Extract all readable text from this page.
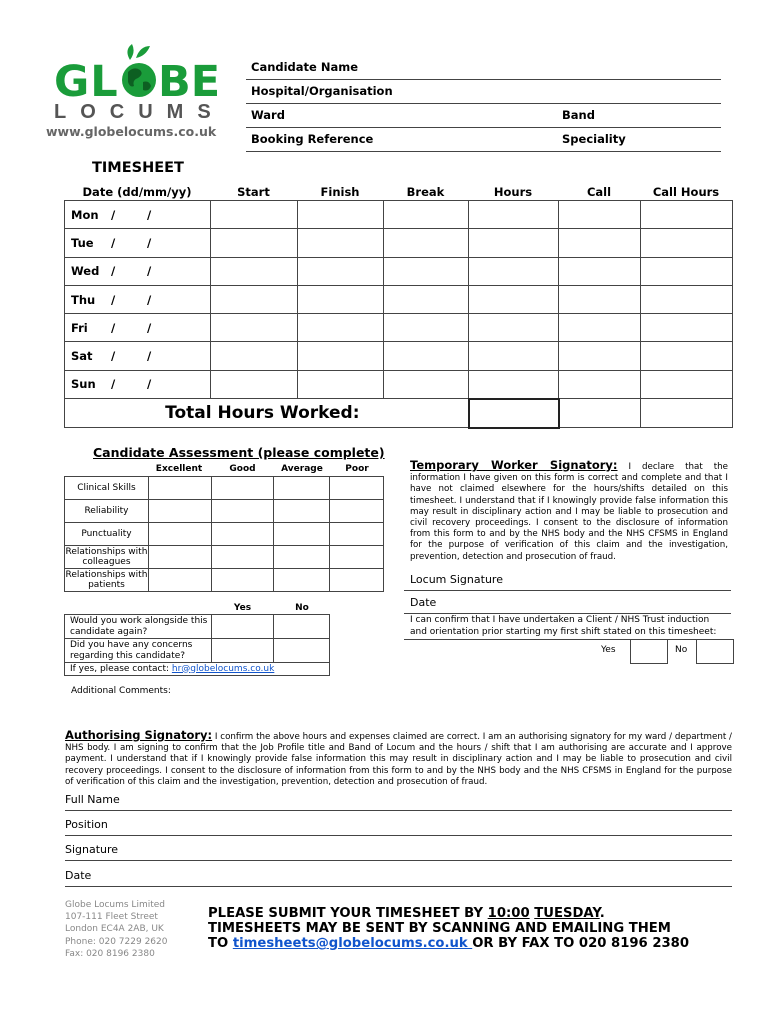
GL BE
LOCUMS
www.globelocums.co.uk
Candidate Name
Hospital/Organisation
Ward	Band
Booking Reference	Speciality
TIMESHEET
Date (dd/mm/yy)	Start	Finish	Break	Hours	Call	Call Hours
Mon / /						
Tue / /						
Wed / /						
Thu / /						
Fri / /						
Sat / /						
Sun / /						
Total Hours Worked:						
Candidate Assessment (please complete)
Excellent	Good	Average	Poor
Clinical Skills				
Reliability				
Punctuality				
Relationships with colleagues				
Relationships with patients				
Yes	No
Would you work alongside this candidate again?		
Did you have any concerns regarding this candidate?		
If yes, please contact: hr@globelocums.co.uk		
Additional Comments:
Temporary Worker Signatory: I declare that the information I have given on this form is correct and complete and that I have not claimed elsewhere for the hours/shifts detailed on this timesheet. I understand that if I knowingly provide false information this may result in disciplinary action and I may be liable to prosecution and civil recovery proceedings. I consent to the disclosure of information from this form to and by the NHS body and the NHS CFSMS in England for the purpose of verification of this claim and the investigation, prevention, detection and prosecution of fraud.
Locum Signature
Date
I can confirm that I have undertaken a Client / NHS Trust induction and orientation prior starting my first shift stated on this timesheet:
Yes	No
Authorising Signatory: I confirm the above hours and expenses claimed are correct. I am an authorising signatory for my ward / department / NHS body. I am signing to confirm that the Job Profile title and Band of Locum and the hours / shift that I am authorising are accurate and I approve payment. I understand that if I knowingly provide false information this may result in disciplinary action and I may be liable to prosecution and civil recovery proceedings. I consent to the disclosure of information from this form to and by the NHS body and the NHS CFSMS in England for the purpose of verification of this claim and the investigation, prevention, detection and prosecution of fraud.
Full Name
Position
Signature
Date
Globe Locums Limited
107-111 Fleet Street
London EC4A 2AB, UK
Phone: 020 7229 2620
Fax: 020 8196 2380
PLEASE SUBMIT YOUR TIMESHEET BY 10:00 TUESDAY.
TIMESHEETS MAY BE SENT BY SCANNING AND EMAILING THEM
TO timesheets@globelocums.co.uk OR BY FAX TO 020 8196 2380
